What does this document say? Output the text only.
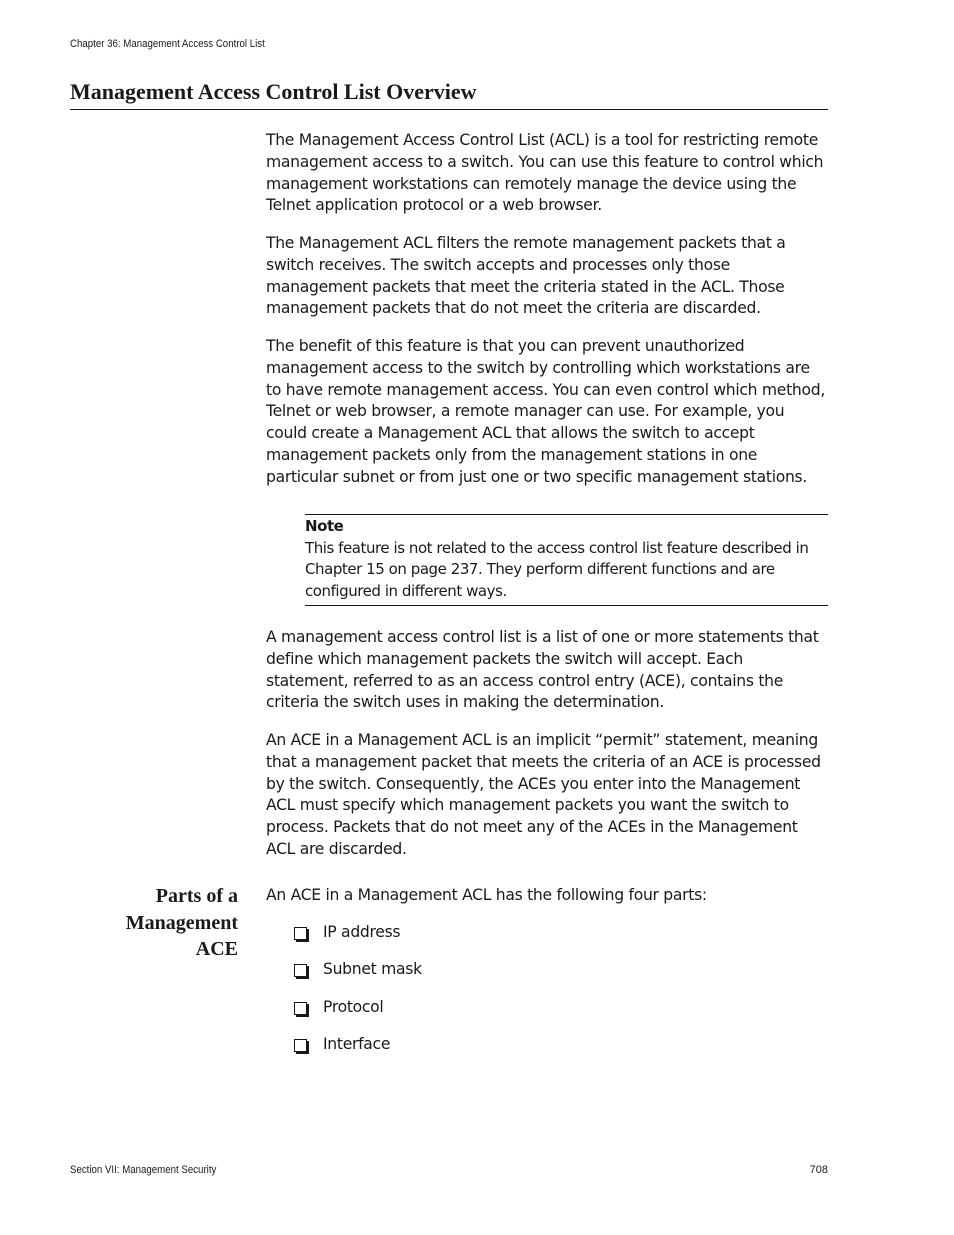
Chapter 36: Management Access Control List
Management Access Control List Overview

The Management Access Control List (ACL) is a tool for restricting remote management access to a switch. You can use this feature to control which management workstations can remotely manage the device using the Telnet application protocol or a web browser.

The Management ACL filters the remote management packets that a switch receives. The switch accepts and processes only those management packets that meet the criteria stated in the ACL. Those management packets that do not meet the criteria are discarded.

The benefit of this feature is that you can prevent unauthorized management access to the switch by controlling which workstations are to have remote management access. You can even control which method, Telnet or web browser, a remote manager can use. For example, you could create a Management ACL that allows the switch to accept management packets only from the management stations in one particular subnet or from just one or two specific management stations.

Note
This feature is not related to the access control list feature described in Chapter 15 on page 237. They perform different functions and are configured in different ways.

A management access control list is a list of one or more statements that define which management packets the switch will accept. Each statement, referred to as an access control entry (ACE), contains the criteria the switch uses in making the determination.

An ACE in a Management ACL is an implicit “permit” statement, meaning that a management packet that meets the criteria of an ACE is processed by the switch. Consequently, the ACEs you enter into the Management ACL must specify which management packets you want the switch to process. Packets that do not meet any of the ACEs in the Management ACL are discarded.

Parts of a Management ACE

An ACE in a Management ACL has the following four parts:

IP address
Subnet mask
Protocol
Interface
Section VII: Management Security	708
